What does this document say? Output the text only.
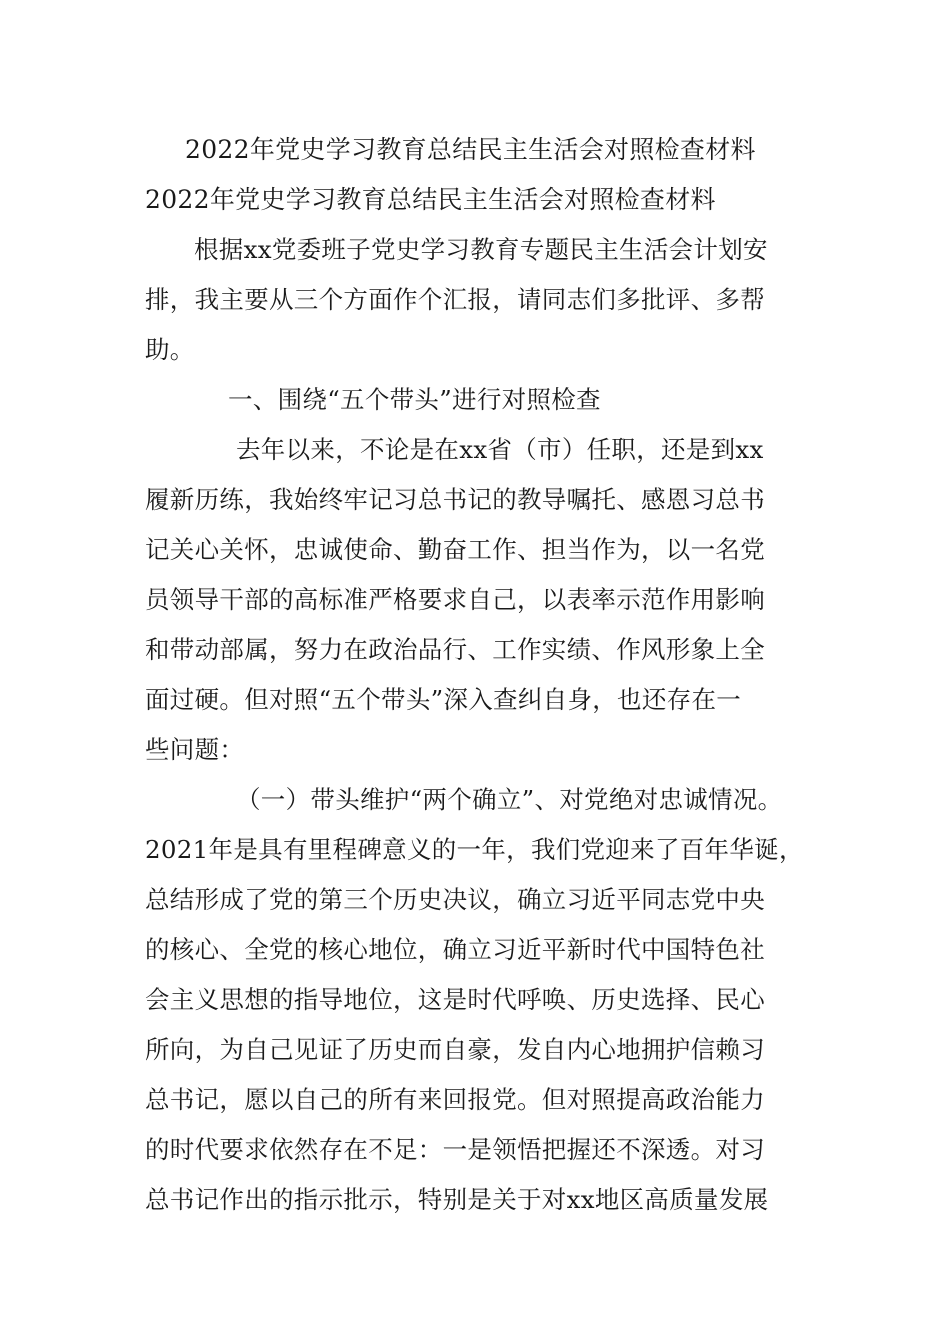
2022年党史学习教育总结民主生活会对照检查材料
2022年党史学习教育总结民主生活会对照检查材料
根据xx党委班子党史学习教育专题民主生活会计划安
排，我主要从三个方面作个汇报，请同志们多批评、多帮
助。
一、围绕“五个带头”进行对照检查
去年以来，不论是在xx省（市）任职，还是到xx
履新历练，我始终牢记习总书记的教导嘱托、感恩习总书
记关心关怀，忠诚使命、勤奋工作、担当作为，以一名党
员领导干部的高标准严格要求自己，以表率示范作用影响
和带动部属，努力在政治品行、工作实绩、作风形象上全
面过硬。但对照“五个带头”深入查纠自身，也还存在一
些问题：
（一）带头维护“两个确立”、对党绝对忠诚情况。
2021年是具有里程碑意义的一年，我们党迎来了百年华诞，
总结形成了党的第三个历史决议，确立习近平同志党中央
的核心、全党的核心地位，确立习近平新时代中国特色社
会主义思想的指导地位，这是时代呼唤、历史选择、民心
所向，为自己见证了历史而自豪，发自内心地拥护信赖习
总书记，愿以自己的所有来回报党。但对照提高政治能力
的时代要求依然存在不足：一是领悟把握还不深透。对习
总书记作出的指示批示，特别是关于对xx地区高质量发展
